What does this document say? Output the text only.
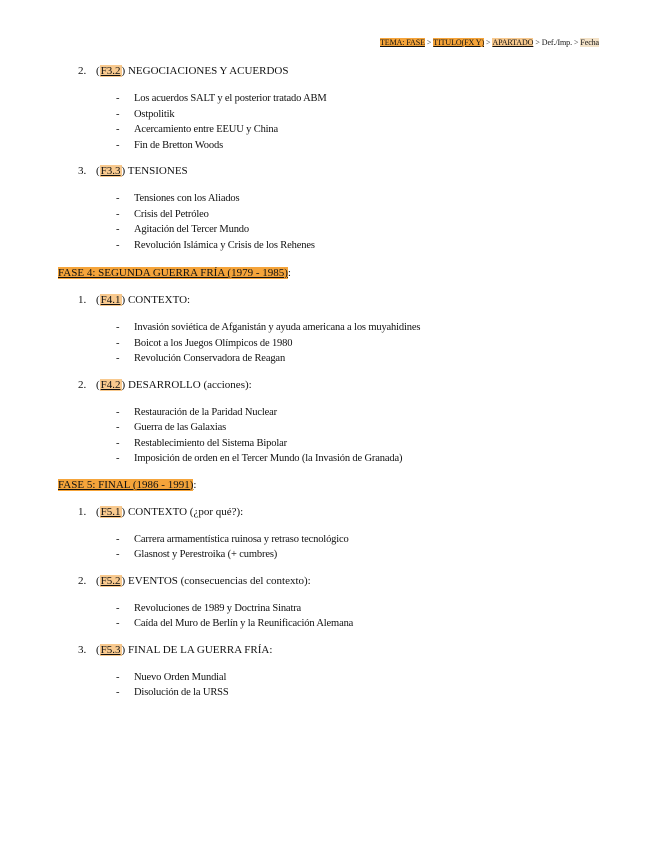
TEMA: FASE > TITULO(FX Y) > APARTADO > Def./Imp. > Fecha
2. (F3.2) NEGOCIACIONES Y ACUERDOS
- Los acuerdos SALT y el posterior tratado ABM
- Ostpolitik
- Acercamiento entre EEUU y China
- Fin de Bretton Woods
3. (F3.3) TENSIONES
- Tensiones con los Aliados
- Crisis del Petróleo
- Agitación del Tercer Mundo
- Revolución Islámica y Crisis de los Rehenes
FASE 4: SEGUNDA GUERRA FRÍA (1979 - 1985):
1. (F4.1) CONTEXTO:
- Invasión soviética de Afganistán y ayuda americana a los muyahidines
- Boicot a los Juegos Olímpicos de 1980
- Revolución Conservadora de Reagan
2. (F4.2) DESARROLLO (acciones):
- Restauración de la Paridad Nuclear
- Guerra de las Galaxias
- Restablecimiento del Sistema Bipolar
- Imposición de orden en el Tercer Mundo (la Invasión de Granada)
FASE 5: FINAL (1986 - 1991):
1. (F5.1) CONTEXTO (¿por qué?):
- Carrera armamentística ruinosa y retraso tecnológico
- Glasnost y Perestroika (+ cumbres)
2. (F5.2) EVENTOS (consecuencias del contexto):
- Revoluciones de 1989 y Doctrina Sinatra
- Caída del Muro de Berlín y la Reunificación Alemana
3. (F5.3) FINAL DE LA GUERRA FRÍA:
- Nuevo Orden Mundial
- Disolución de la URSS
